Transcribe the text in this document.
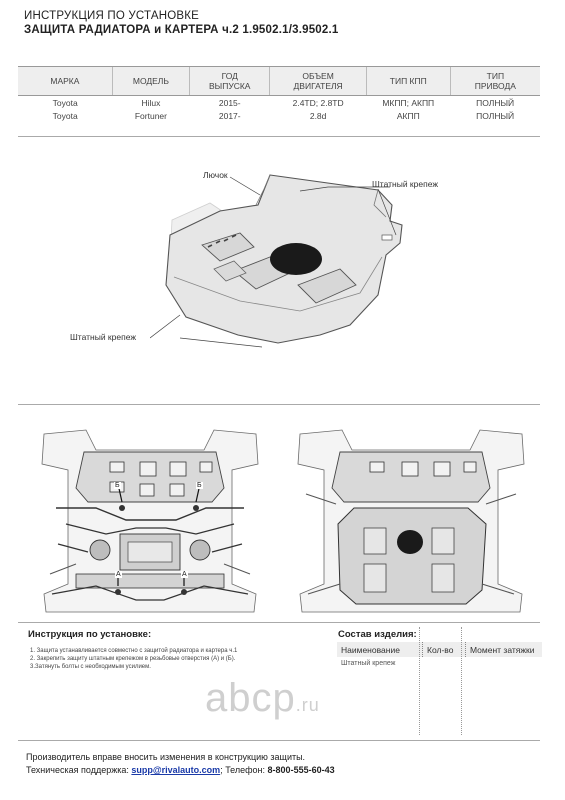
ИНСТРУКЦИЯ ПО УСТАНОВКЕ
ЗАЩИТА РАДИАТОРА и КАРТЕРА ч.2 1.9502.1/3.9502.1
МАРКА	МОДЕЛЬ	ГОД ВЫПУСКА	ОБЪЕМ ДВИГАТЕЛЯ	ТИП КПП	ТИП ПРИВОДА
Toyota	Hilux	2015-	2.4TD; 2.8TD	МКПП; АКПП	ПОЛНЫЙ
Toyota	Fortuner	2017-	2.8d	АКПП	ПОЛНЫЙ
Лючок
Штатный крепеж
Штатный крепеж
Б	Б
А	А
Инструкция по установке:
1. Защита устанавливается совместно с защитой радиатора и картера ч.1
2. Закрепить защиту штатным крепежом в резьбовые отверстия (А) и (Б).
3.Затянуть болты с необходимым усилием.
Состав изделия:
Наименование	Кол-во	Момент затяжки
Штатный крепеж		
abcp.ru
Производитель вправе вносить изменения в конструкцию защиты.
Техническая поддержка: supp@rivalauto.com; Телефон: 8-800-555-60-43
